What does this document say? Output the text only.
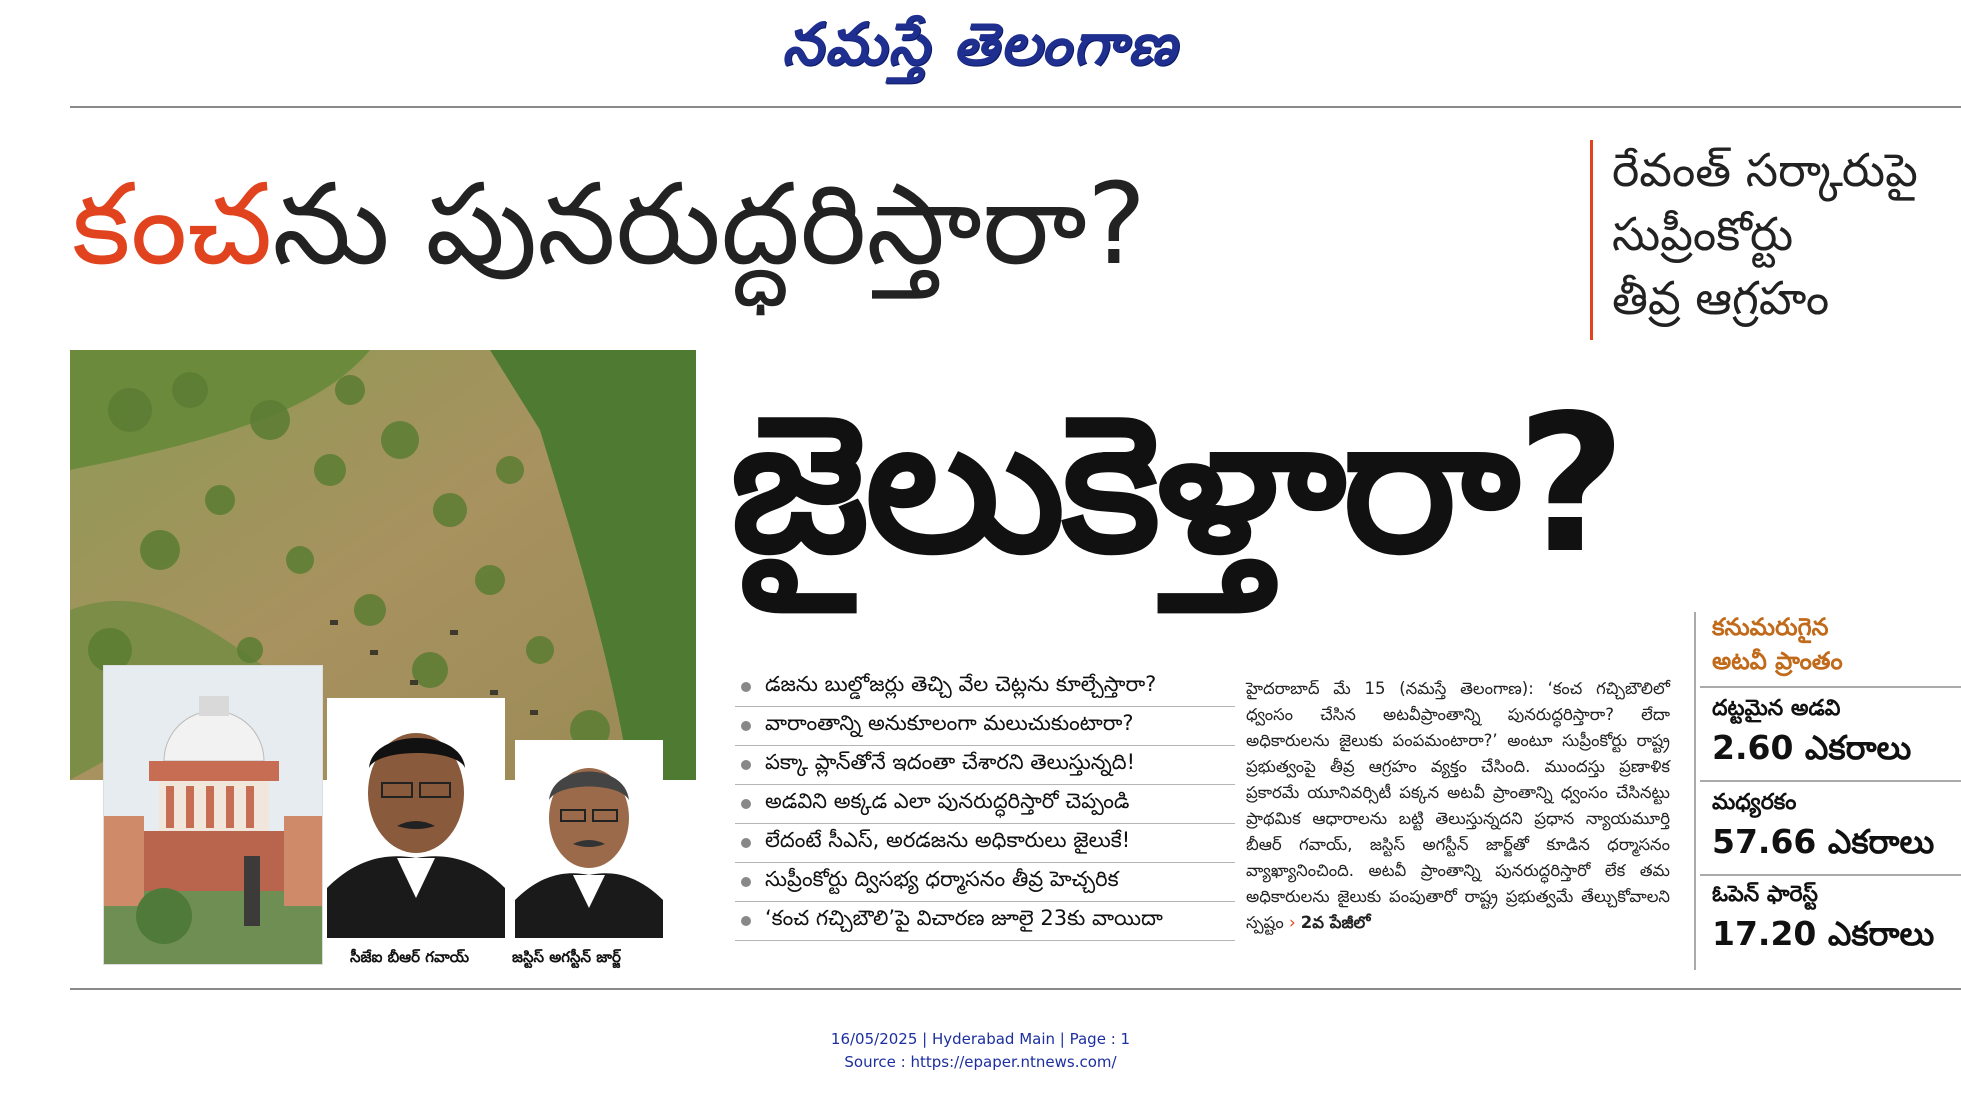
నమస్తే తెలంగాణ
కంచను పునరుద్ధరిస్తారా?	రేవంత్ సర్కారుపై
సుప్రీంకోర్టు
తీవ్ర ఆగ్రహం
సీజేఐ బీఆర్ గవాయ్	జస్టిస్ అగస్టీన్ జార్జ్
జైలుకెళ్తారా?
డజను బుల్డోజర్లు తెచ్చి వేల చెట్లను కూల్చేస్తారా?
వారాంతాన్ని అనుకూలంగా మలుచుకుంటారా?
పక్కా ప్లాన్‌తోనే ఇదంతా చేశారని తెలుస్తున్నది!
అడవిని అక్కడ ఎలా పునరుద్ధరిస్తారో చెప్పండి
లేదంటే సీఎస్, అరడజను అధికారులు జైలుకే!
సుప్రీంకోర్టు ద్విసభ్య ధర్మాసనం తీవ్ర హెచ్చరిక
‘కంచ గచ్చిబౌలి’పై విచారణ జూలై 23కు వాయిదా
హైదరాబాద్ మే 15 (నమస్తే తెలంగాణ): ‘కంచ గచ్చిబౌలిలో ధ్వంసం చేసిన అటవీప్రాంతాన్ని పునరుద్ధరిస్తారా? లేదా అధికారులను జైలుకు పంపమంటారా?’ అంటూ సుప్రీంకోర్టు రాష్ట్ర ప్రభుత్వంపై తీవ్ర ఆగ్రహం వ్యక్తం చేసింది. ముందస్తు ప్రణాళిక ప్రకారమే యూనివర్సిటీ పక్కన అటవీ ప్రాంతాన్ని ధ్వంసం చేసినట్టు ప్రాథమిక ఆధారాలను బట్టి తెలుస్తున్నదని ప్రధాన న్యాయమూర్తి బీఆర్ గవాయ్, జస్టిస్ అగస్టీన్ జార్జ్‌తో కూడిన ధర్మాసనం వ్యాఖ్యానించింది. అటవీ ప్రాంతాన్ని పునరుద్ధరిస్తారో లేక తమ అధికారులను జైలుకు పంపుతారో రాష్ట్ర ప్రభుత్వమే తేల్చుకోవాలని స్పష్టం › 2వ పేజీలో
కనుమరుగైన
అటవీ ప్రాంతం
దట్టమైన అడవి
2.60 ఎకరాలు
మధ్యరకం
57.66 ఎకరాలు
ఓపెన్ ఫారెస్ట్
17.20 ఎకరాలు
16/05/2025 | Hyderabad Main | Page : 1
Source : https://epaper.ntnews.com/
